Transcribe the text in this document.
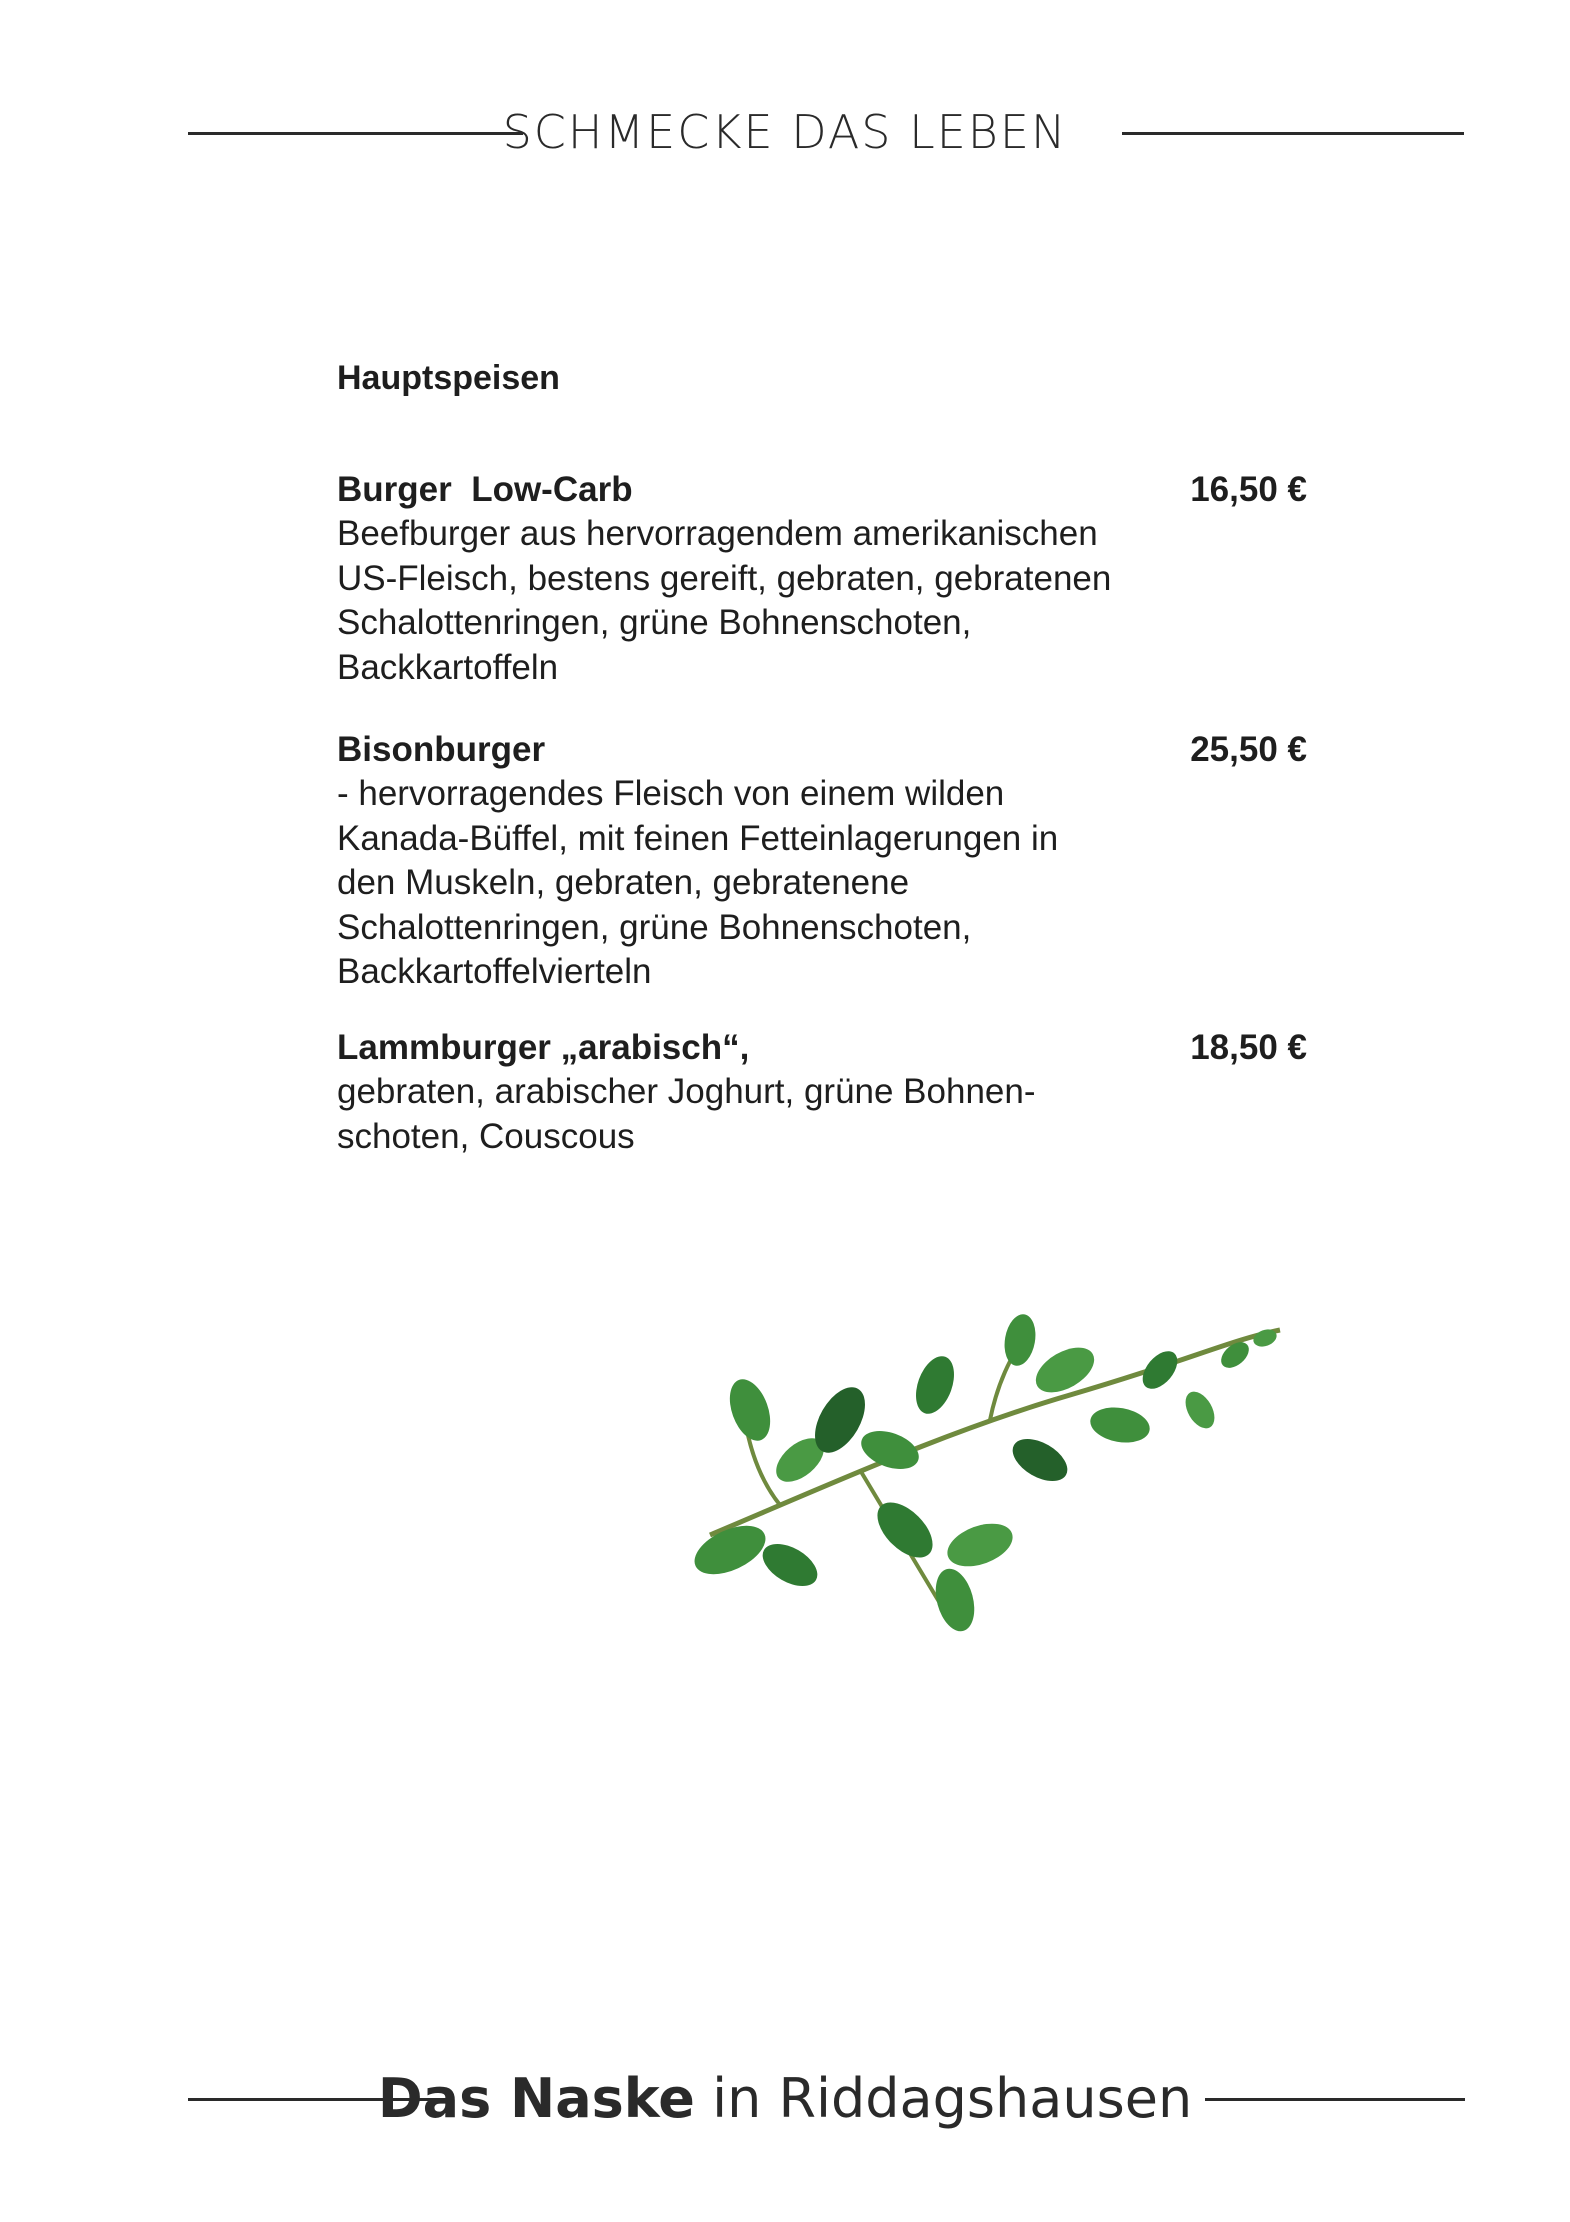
SCHMECKE DAS LEBEN
Hauptspeisen
Burger  Low-Carb	16,50 €
Beefburger aus hervorragendem amerikanischen US-Fleisch, bestens gereift, gebraten, gebratenen Schalottenringen, grüne Bohnenschoten, Backkartoffeln
Bisonburger	25,50 €
- hervorragendes Fleisch von einem wilden Kanada-Büffel, mit feinen Fetteinlagerungen in den Muskeln, gebraten, gebratenene Schalottenringen, grüne Bohnenschoten, Backkartoffelvierteln
Lammburger „arabisch“,	18,50 €
gebraten, arabischer Joghurt, grüne Bohnen-schoten, Couscous
Das Naske in Riddagshausen
